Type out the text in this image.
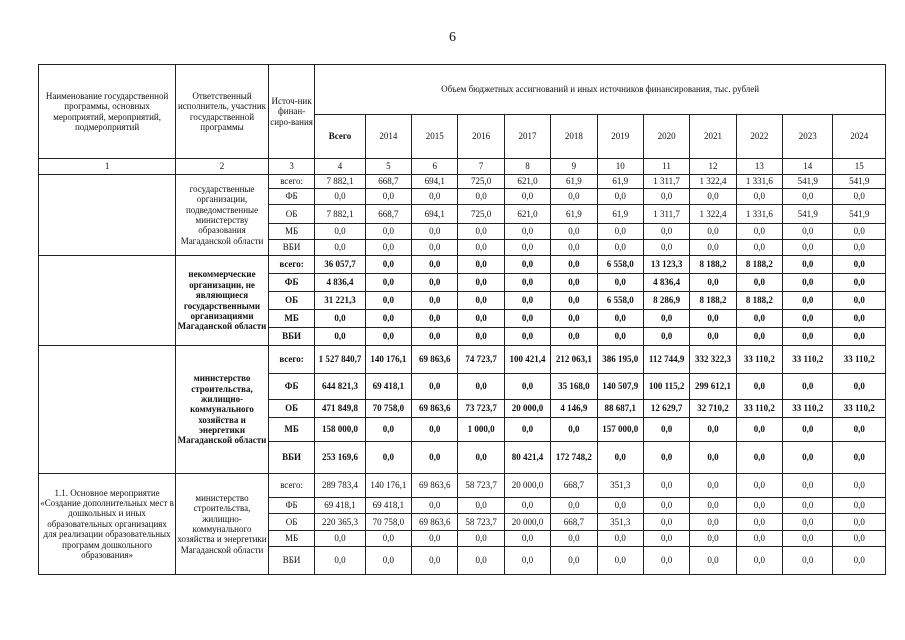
6
Наименование государственной программы, основных мероприятий, мероприятий, подмероприятий	Ответственный исполнитель, участник государственной программы	Источ-ник финан-сиро-вания	Объем бюджетных ассигнований и иных источников финансирования, тыс. рублей											
			Всего	2014	2015	2016	2017	2018	2019	2020	2021	2022	2023	2024
1	2	3	4	5	6	7	8	9	10	11	12	13	14	15
	государственные организации, подведомственные министерству образования Магаданской области	всего:	7 882,1	668,7	694,1	725,0	621,0	61,9	61,9	1 311,7	1 322,4	1 331,6	541,9	541,9
		ФБ	0,0	0,0	0,0	0,0	0,0	0,0	0,0	0,0	0,0	0,0	0,0	0,0
		ОБ	7 882,1	668,7	694,1	725,0	621,0	61,9	61,9	1 311,7	1 322,4	1 331,6	541,9	541,9
		МБ	0,0	0,0	0,0	0,0	0,0	0,0	0,0	0,0	0,0	0,0	0,0	0,0
		ВБИ	0,0	0,0	0,0	0,0	0,0	0,0	0,0	0,0	0,0	0,0	0,0	0,0
	некоммерческие организации, не являющиеся государственными организациями Магаданской области	всего:	36 057,7	0,0	0,0	0,0	0,0	0,0	6 558,0	13 123,3	8 188,2	8 188,2	0,0	0,0
		ФБ	4 836,4	0,0	0,0	0,0	0,0	0,0	0,0	4 836,4	0,0	0,0	0,0	0,0
		ОБ	31 221,3	0,0	0,0	0,0	0,0	0,0	6 558,0	8 286,9	8 188,2	8 188,2	0,0	0,0
		МБ	0,0	0,0	0,0	0,0	0,0	0,0	0,0	0,0	0,0	0,0	0,0	0,0
		ВБИ	0,0	0,0	0,0	0,0	0,0	0,0	0,0	0,0	0,0	0,0	0,0	0,0
	министерство строительства, жилищно-коммунального хозяйства и энергетики Магаданской области	всего:	1 527 840,7	140 176,1	69 863,6	74 723,7	100 421,4	212 063,1	386 195,0	112 744,9	332 322,3	33 110,2	33 110,2	33 110,2
		ФБ	644 821,3	69 418,1	0,0	0,0	0,0	35 168,0	140 507,9	100 115,2	299 612,1	0,0	0,0	0,0
		ОБ	471 849,8	70 758,0	69 863,6	73 723,7	20 000,0	4 146,9	88 687,1	12 629,7	32 710,2	33 110,2	33 110,2	33 110,2
		МБ	158 000,0	0,0	0,0	1 000,0	0,0	0,0	157 000,0	0,0	0,0	0,0	0,0	0,0
		ВБИ	253 169,6	0,0	0,0	0,0	80 421,4	172 748,2	0,0	0,0	0,0	0,0	0,0	0,0
1.1. Основное мероприятие «Создание дополнительных мест в дошкольных и иных образовательных организациях для реализации образовательных программ дошкольного образования»	министерство строительства, жилищно-коммунального хозяйства и энергетики Магаданской области	всего:	289 783,4	140 176,1	69 863,6	58 723,7	20 000,0	668,7	351,3	0,0	0,0	0,0	0,0	0,0
		ФБ	69 418,1	69 418,1	0,0	0,0	0,0	0,0	0,0	0,0	0,0	0,0	0,0	0,0
		ОБ	220 365,3	70 758,0	69 863,6	58 723,7	20 000,0	668,7	351,3	0,0	0,0	0,0	0,0	0,0
		МБ	0,0	0,0	0,0	0,0	0,0	0,0	0,0	0,0	0,0	0,0	0,0	0,0
		ВБИ	0,0	0,0	0,0	0,0	0,0	0,0	0,0	0,0	0,0	0,0	0,0	0,0
